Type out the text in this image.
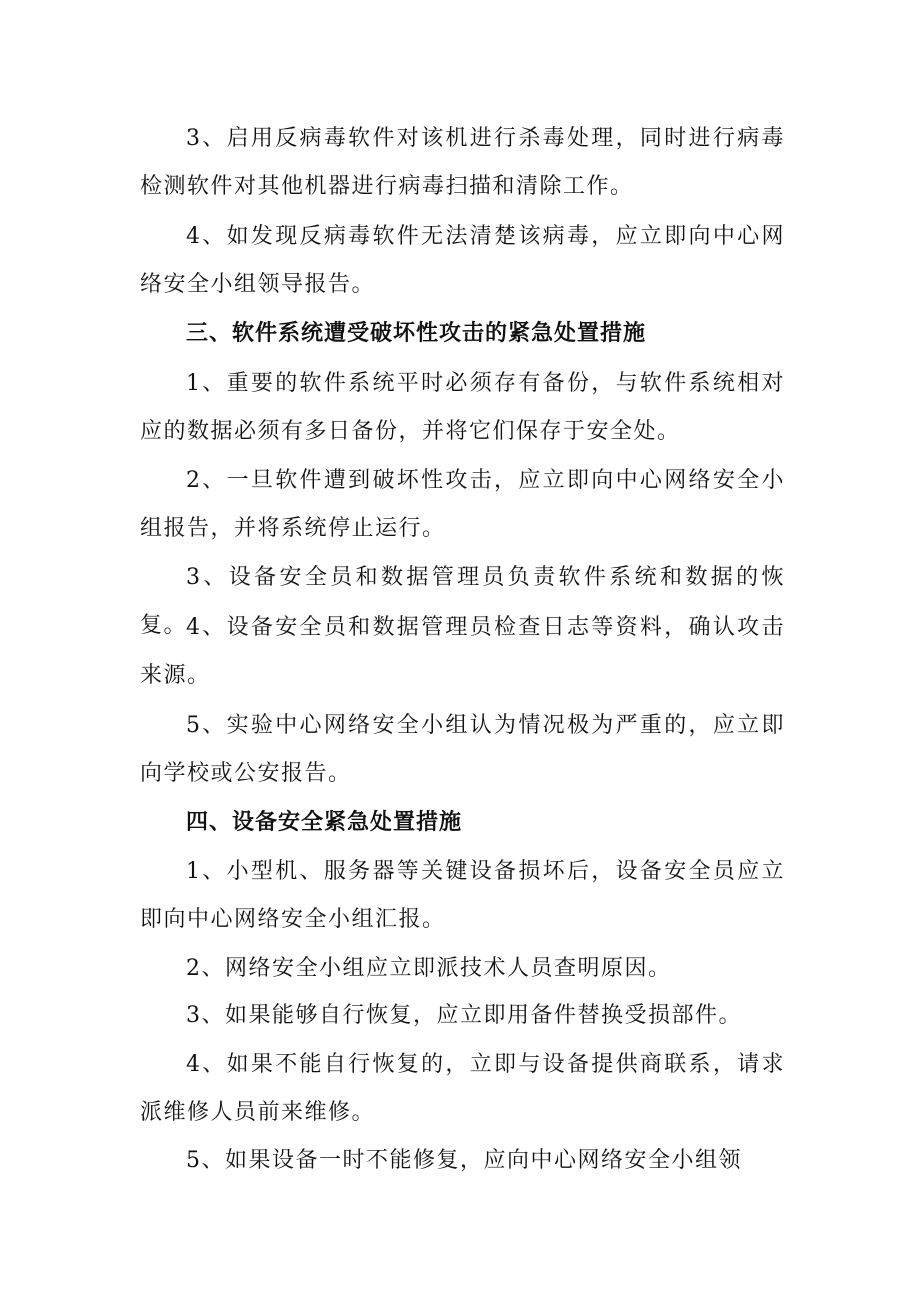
3、启用反病毒软件对该机进行杀毒处理，同时进行病毒检测软件对其他机器进行病毒扫描和清除工作。

4、如发现反病毒软件无法清楚该病毒，应立即向中心网络安全小组领导报告。

三、软件系统遭受破坏性攻击的紧急处置措施

1、重要的软件系统平时必须存有备份，与软件系统相对应的数据必须有多日备份，并将它们保存于安全处。

2、一旦软件遭到破坏性攻击，应立即向中心网络安全小组报告，并将系统停止运行。

3、设备安全员和数据管理员负责软件系统和数据的恢复。

4、设备安全员和数据管理员检查日志等资料，确认攻击来源。

5、实验中心网络安全小组认为情况极为严重的，应立即向学校或公安报告。

四、设备安全紧急处置措施

1、小型机、服务器等关键设备损坏后，设备安全员应立即向中心网络安全小组汇报。

2、网络安全小组应立即派技术人员查明原因。

3、如果能够自行恢复，应立即用备件替换受损部件。

4、如果不能自行恢复的，立即与设备提供商联系，请求派维修人员前来维修。

5、如果设备一时不能修复，应向中心网络安全小组领
